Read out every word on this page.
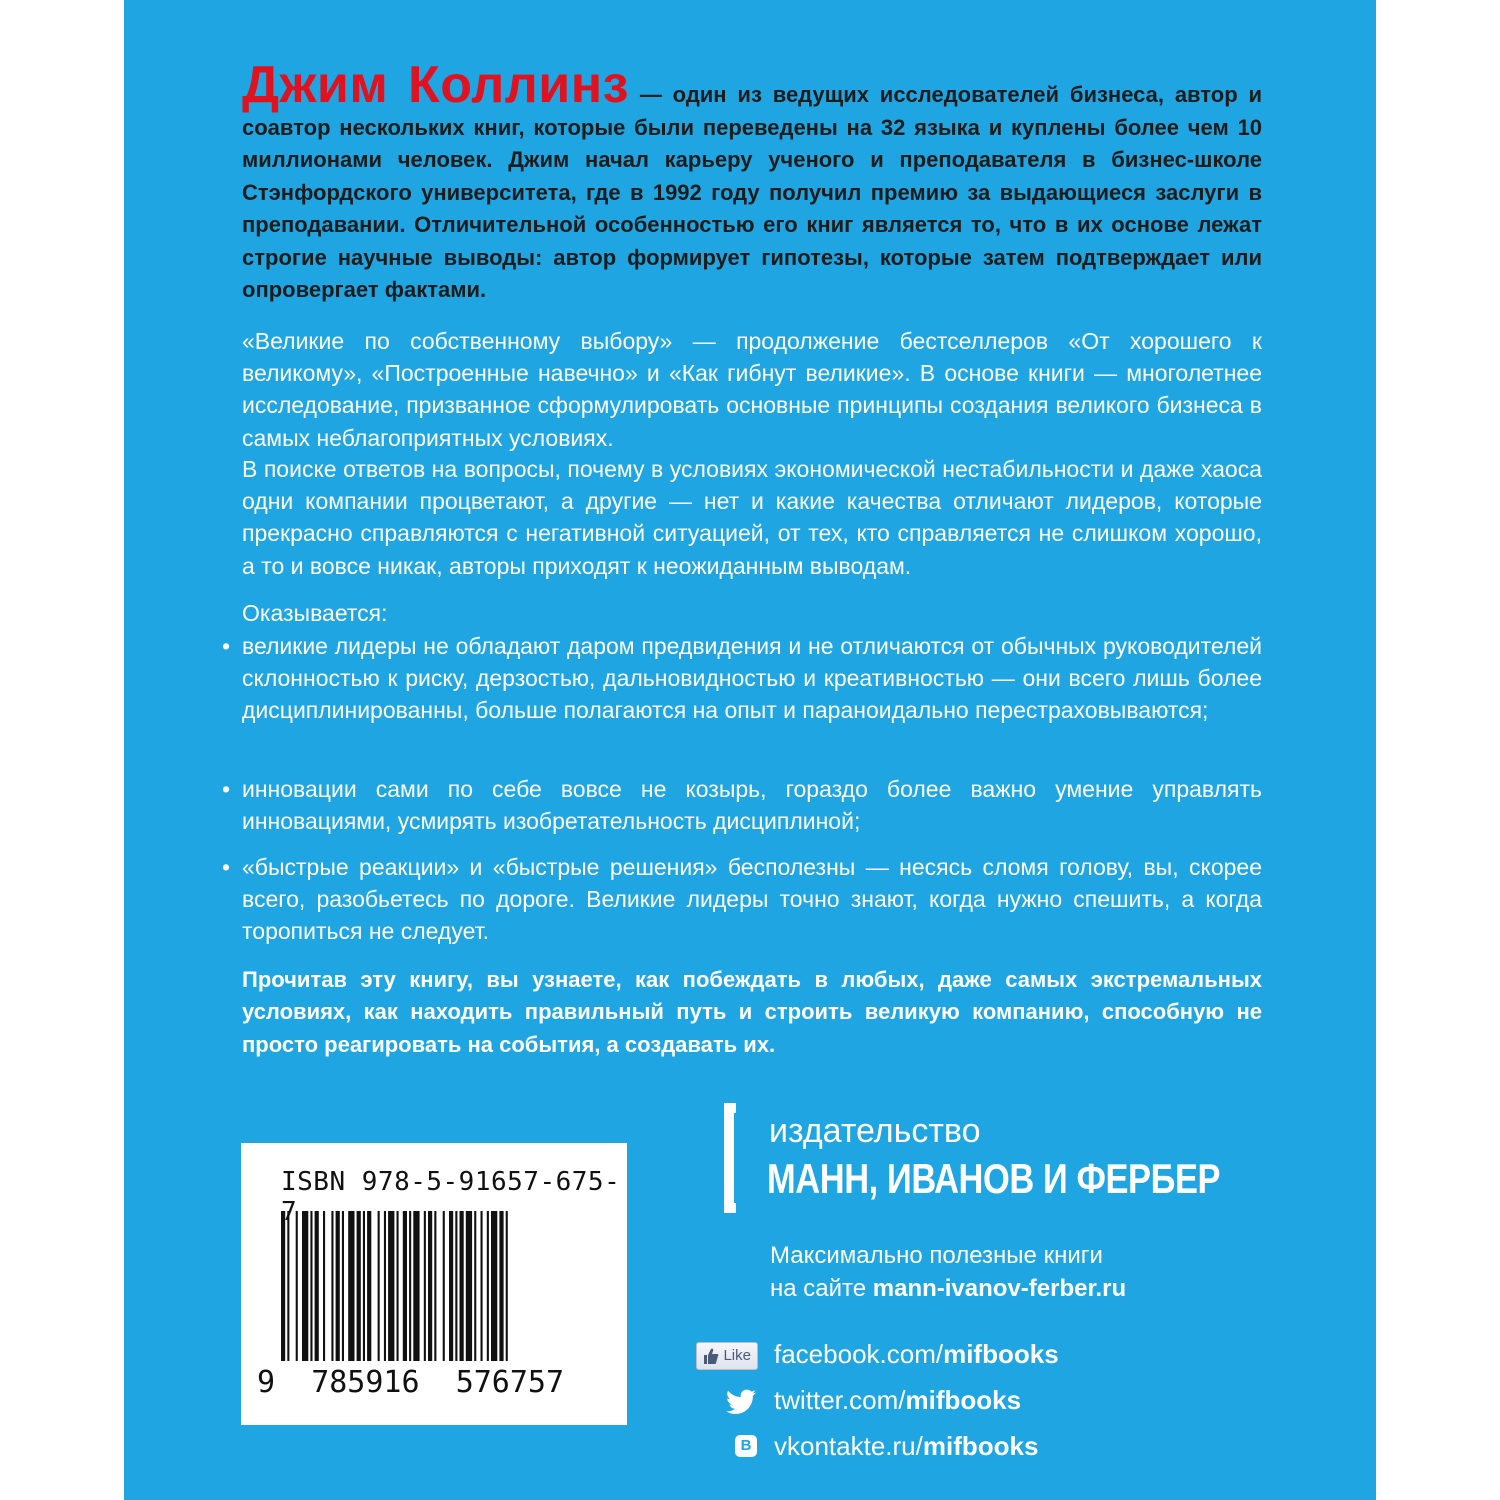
Джим Коллинз — один из ведущих исследователей бизнеса, автор и соавтор нескольких книг, которые были переведены на 32 языка и куплены более чем 10 миллионами человек. Джим начал карьеру ученого и преподавателя в бизнес-школе Стэнфордского университета, где в 1992 году получил премию за выдающиеся заслуги в преподавании. Отличительной особенностью его книг является то, что в их основе лежат строгие научные выводы: автор формирует гипотезы, которые затем подтверждает или опровергает фактами.
«Великие по собственному выбору» — продолжение бестселлеров «От хорошего к великому», «Построенные навечно» и «Как гибнут великие». В основе книги — многолетнее исследование, призванное сформулировать основные принципы создания великого бизнеса в самых неблагоприятных условиях.
В поиске ответов на вопросы, почему в условиях экономической нестабильности и даже хаоса одни компании процветают, а другие — нет и какие качества отличают лидеров, которые прекрасно справляются с негативной ситуацией, от тех, кто справляется не слишком хорошо, а то и вовсе никак, авторы приходят к неожиданным выводам.
Оказывается:
• великие лидеры не обладают даром предвидения и не отличаются от обычных руководителей склонностью к риску, дерзостью, дальновидностью и креативностью — они всего лишь более дисциплинированны, больше полагаются на опыт и параноидально перестраховываются;
• инновации сами по себе вовсе не козырь, гораздо более важно умение управлять инновациями, усмирять изобретательность дисциплиной;
• «быстрые реакции» и «быстрые решения» бесполезны — несясь сломя голову, вы, скорее всего, разобьетесь по дороге. Великие лидеры точно знают, когда нужно спешить, а когда торопиться не следует.
Прочитав эту книгу, вы узнаете, как побеждать в любых, даже самых экстремальных условиях, как находить правильный путь и строить великую компанию, способную не просто реагировать на события, а создавать их.
ISBN 978-5-91657-675-7
9 785916 576757
издательство
МАНН, ИВАНОВ И ФЕРБЕР
Максимально полезные книги
на сайте mann-ivanov-ferber.ru
Like facebook.com/mifbooks
twitter.com/mifbooks
В vkontakte.ru/mifbooks
